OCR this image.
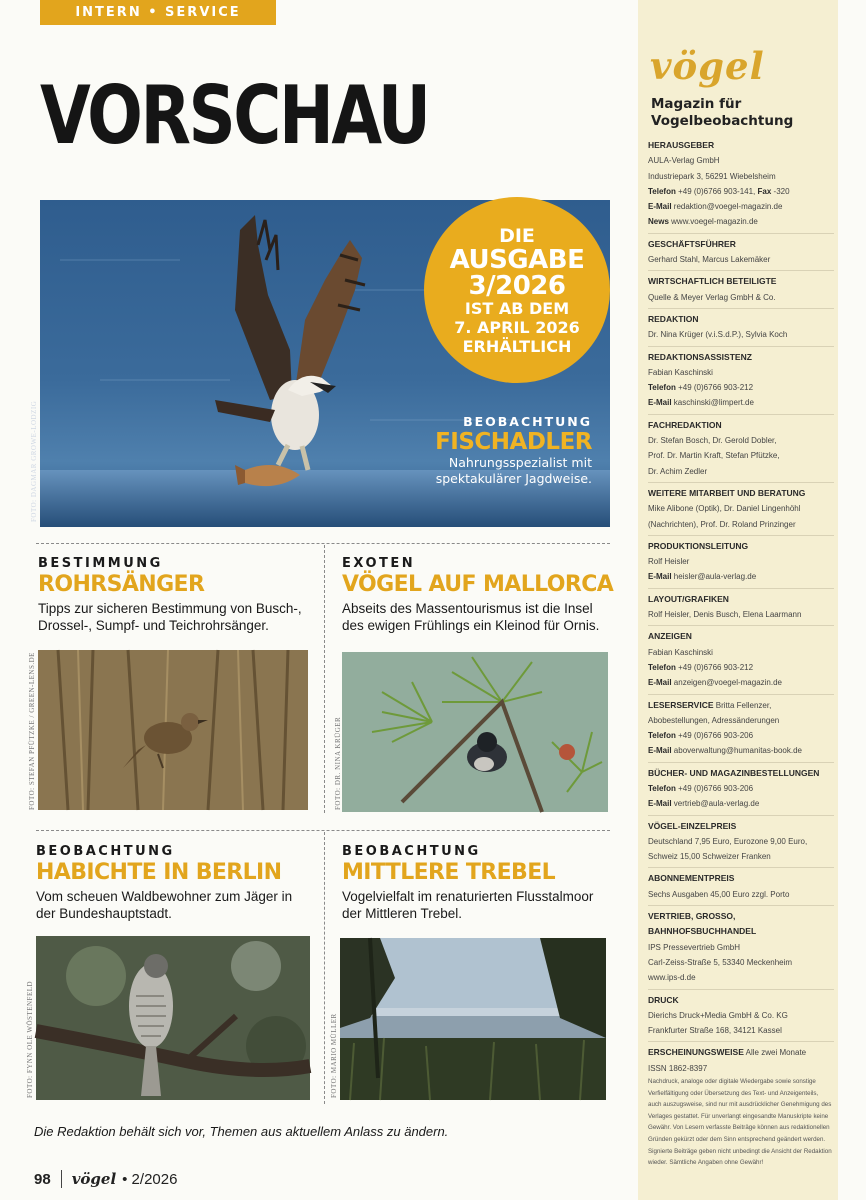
INTERN • SERVICE
VORSCHAU
FOTO: DAGMAR GROWE-LODZIG
DIE
AUSGABE
3/2026
IST AB DEM
7. APRIL 2026
ERHÄLTLICH
BEOBACHTUNG
FISCHADLER
Nahrungsspezialist mit spektakulärer Jagdweise.
BESTIMMUNG
ROHRSÄNGER
Tipps zur sicheren Bestimmung von Busch-, Drossel-, Sumpf- und Teichrohrsänger.
FOTO: STEFAN PFÜTZKE / GREEN-LENS.DE
EXOTEN
VÖGEL AUF MALLORCA
Abseits des Massentourismus ist die Insel des ewigen Frühlings ein Kleinod für Ornis.
FOTO: DR. NINA KRÜGER
BEOBACHTUNG
HABICHTE IN BERLIN
Vom scheuen Waldbewohner zum Jäger in der Bundeshauptstadt.
FOTO: FYNN OLE WÖSTENFELD
BEOBACHTUNG
MITTLERE TREBEL
Vogelvielfalt im renaturierten Flusstalmoor der Mittleren Trebel.
FOTO: MARIO MÜLLER
Die Redaktion behält sich vor, Themen aus aktuellem Anlass zu ändern.
98 vögel • 2/2026
vögel
Magazin für
Vogelbeobachtung
HERAUSGEBER
AULA-Verlag GmbH
Industriepark 3, 56291 Wiebelsheim
Telefon +49 (0)6766 903-141, Fax -320
E-Mail redaktion@voegel-magazin.de
News www.voegel-magazin.de
GESCHÄFTSFÜHRER
Gerhard Stahl, Marcus Lakemäker
WIRTSCHAFTLICH BETEILIGTE
Quelle & Meyer Verlag GmbH & Co.
REDAKTION
Dr. Nina Krüger (v.i.S.d.P.), Sylvia Koch
REDAKTIONSASSISTENZ
Fabian Kaschinski
Telefon +49 (0)6766 903-212
E-Mail kaschinski@limpert.de
FACHREDAKTION
Dr. Stefan Bosch, Dr. Gerold Dobler,
Prof. Dr. Martin Kraft, Stefan Pfützke,
Dr. Achim Zedler
WEITERE MITARBEIT UND BERATUNG
Mike Alibone (Optik), Dr. Daniel Lingenhöhl
(Nachrichten), Prof. Dr. Roland Prinzinger
PRODUKTIONSLEITUNG
Rolf Heisler
E-Mail heisler@aula-verlag.de
LAYOUT/GRAFIKEN
Rolf Heisler, Denis Busch, Elena Laarmann
ANZEIGEN
Fabian Kaschinski
Telefon +49 (0)6766 903-212
E-Mail anzeigen@voegel-magazin.de
LESERSERVICE Britta Fellenzer,
Abobestellungen, Adressänderungen
Telefon +49 (0)6766 903-206
E-Mail aboverwaltung@humanitas-book.de
BÜCHER- UND MAGAZINBESTELLUNGEN
Telefon +49 (0)6766 903-206
E-Mail vertrieb@aula-verlag.de
VÖGEL-EINZELPREIS
Deutschland 7,95 Euro, Eurozone 9,00 Euro,
Schweiz 15,00 Schweizer Franken
ABONNEMENTPREIS
Sechs Ausgaben 45,00 Euro zzgl. Porto
VERTRIEB, GROSSO, BAHNHOFSBUCHHANDEL
IPS Pressevertrieb GmbH
Carl-Zeiss-Straße 5, 53340 Meckenheim
www.ips-d.de
DRUCK
Dierichs Druck+Media GmbH & Co. KG
Frankfurter Straße 168, 34121 Kassel
ERSCHEINUNGSWEISE Alle zwei Monate
ISSN 1862-8397
Nachdruck, analoge oder digitale Wiedergabe sowie sonstige Verfielfältigung oder Übersetzung des Text- und Anzeigenteils, auch auszugsweise, sind nur mit ausdrücklicher Genehmigung des Verlages gestattet. Für unverlangt eingesandte Manuskripte keine Gewähr. Von Lesern verfasste Beiträge können aus redaktionellen Gründen gekürzt oder dem Sinn entsprechend geändert werden. Signierte Beiträge geben nicht unbedingt die Ansicht der Redaktion wieder. Sämtliche Angaben ohne Gewähr!
